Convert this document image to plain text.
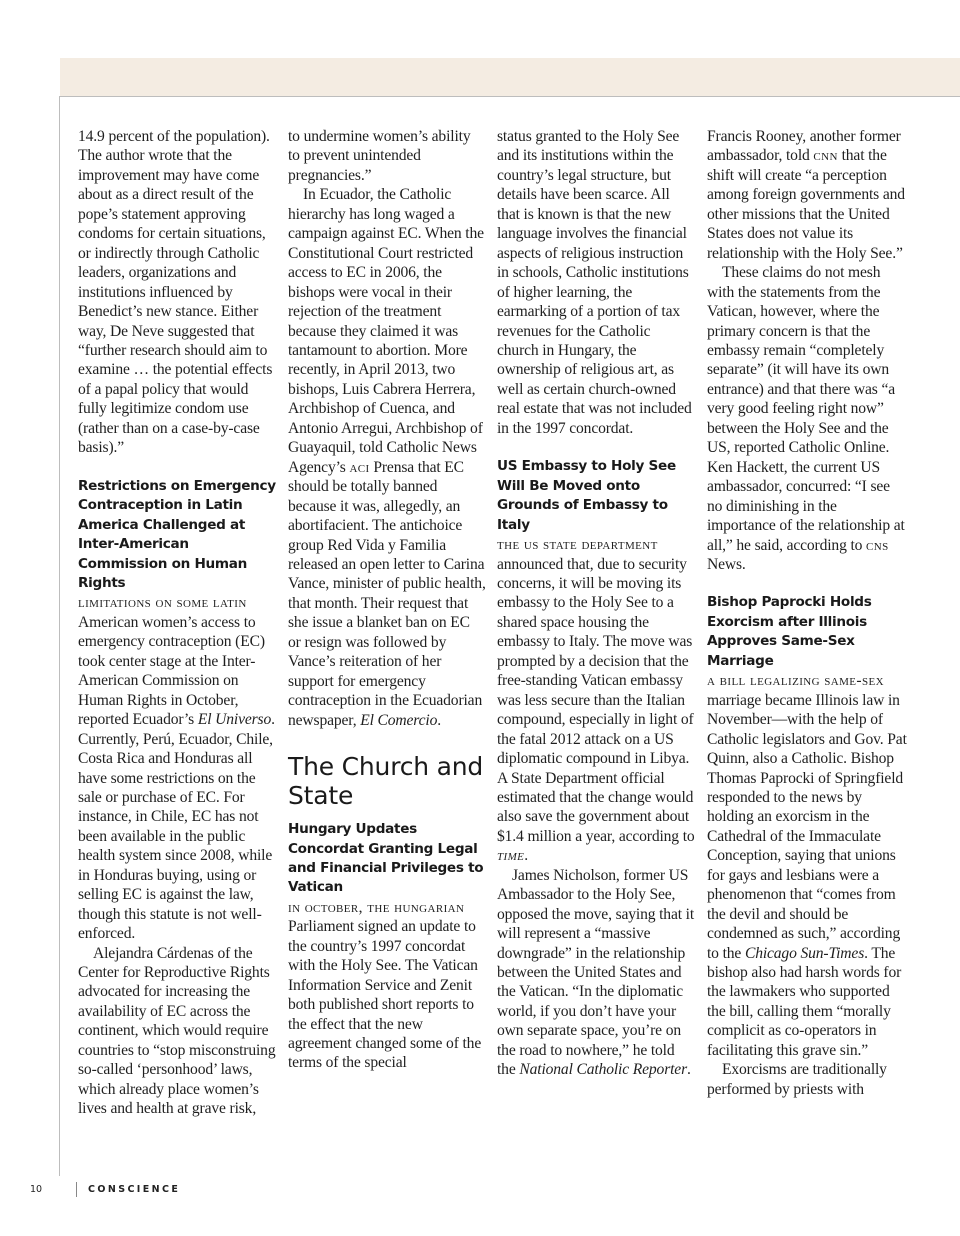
14.9 percent of the population). The author wrote that the improvement may have come about as a direct result of the pope’s statement approving condoms for certain situations, or indirectly through Catholic leaders, organizations and institutions influenced by Benedict’s new stance. Either way, De Neve suggested that “further research should aim to examine … the potential effects of a papal policy that would fully legitimize condom use (rather than on a case-by-case basis).”

Restrictions on Emergency Contraception in Latin America Challenged at Inter-American Commission on Human Rights

limitations on some latin American women’s access to emergency contraception (EC) took center stage at the Inter-American Commission on Human Rights in October, reported Ecuador’s El Universo. Currently, Perú, Ecuador, Chile, Costa Rica and Honduras all have some restrictions on the sale or purchase of EC. For instance, in Chile, EC has not been available in the public health system since 2008, while in Honduras buying, using or selling EC is against the law, though this statute is not well-enforced.

Alejandra Cárdenas of the Center for Reproductive Rights advocated for increasing the availability of EC across the continent, which would require countries to “stop misconstruing so-called ‘personhood’ laws, which already place women’s lives and health at grave risk,

to undermine women’s ability to prevent unintended pregnancies.”

In Ecuador, the Catholic hierarchy has long waged a campaign against EC. When the Constitutional Court restricted access to EC in 2006, the bishops were vocal in their rejection of the treatment because they claimed it was tantamount to abortion. More recently, in April 2013, two bishops, Luis Cabrera Herrera, Archbishop of Cuenca, and Antonio Arregui, Archbishop of Guayaquil, told Catholic News Agency’s aci Prensa that EC should be totally banned because it was, allegedly, an abortifacient. The antichoice group Red Vida y Familia released an open letter to Carina Vance, minister of public health, that month. Their request that she issue a blanket ban on EC or resign was followed by Vance’s reiteration of her support for emergency contraception in the Ecuadorian newspaper, El Comercio.

The Church and State
Hungary Updates Concordat Granting Legal and Financial Privileges to Vatican

in october, the hungarian Parliament signed an update to the country’s 1997 concordat with the Holy See. The Vatican Information Service and Zenit both published short reports to the effect that the new agreement changed some of the terms of the special

status granted to the Holy See and its institutions within the country’s legal structure, but details have been scarce. All that is known is that the new language involves the financial aspects of religious instruction in schools, Catholic institutions of higher learning, the earmarking of a portion of tax revenues for the Catholic church in Hungary, the ownership of religious art, as well as certain church-owned real estate that was not included in the 1997 concordat.

US Embassy to Holy See Will Be Moved onto Grounds of Embassy to Italy

the us state department announced that, due to security concerns, it will be moving its embassy to the Holy See to a shared space housing the embassy to Italy. The move was prompted by a decision that the free-standing Vatican embassy was less secure than the Italian compound, especially in light of the fatal 2012 attack on a US diplomatic compound in Libya. A State Department official estimated that the change would also save the government about $1.4 million a year, according to time.

James Nicholson, former US Ambassador to the Holy See, opposed the move, saying that it will represent a “massive downgrade” in the relationship between the United States and the Vatican. “In the diplomatic world, if you don’t have your own separate space, you’re on the road to nowhere,” he told the National Catholic Reporter.

Francis Rooney, another former ambassador, told cnn that the shift will create “a perception among foreign governments and other missions that the United States does not value its relationship with the Holy See.”

These claims do not mesh with the statements from the Vatican, however, where the primary concern is that the embassy remain “completely separate” (it will have its own entrance) and that there was “a very good feeling right now” between the Holy See and the US, reported Catholic Online. Ken Hackett, the current US ambassador, concurred: “I see no diminishing in the importance of the relationship at all,” he said, according to cns News.

Bishop Paprocki Holds Exorcism after Illinois Approves Same-Sex Marriage

a bill legalizing same-sex marriage became Illinois law in November—with the help of Catholic legislators and Gov. Pat Quinn, also a Catholic. Bishop Thomas Paprocki of Springfield responded to the news by holding an exorcism in the Cathedral of the Immaculate Conception, saying that unions for gays and lesbians were a phenomenon that “comes from the devil and should be condemned as such,” according to the Chicago Sun-Times. The bishop also had harsh words for the lawmakers who supported the bill, calling them “morally complicit as co-operators in facilitating this grave sin.”

Exorcisms are traditionally performed by priests with

10	CONSCIENCE
